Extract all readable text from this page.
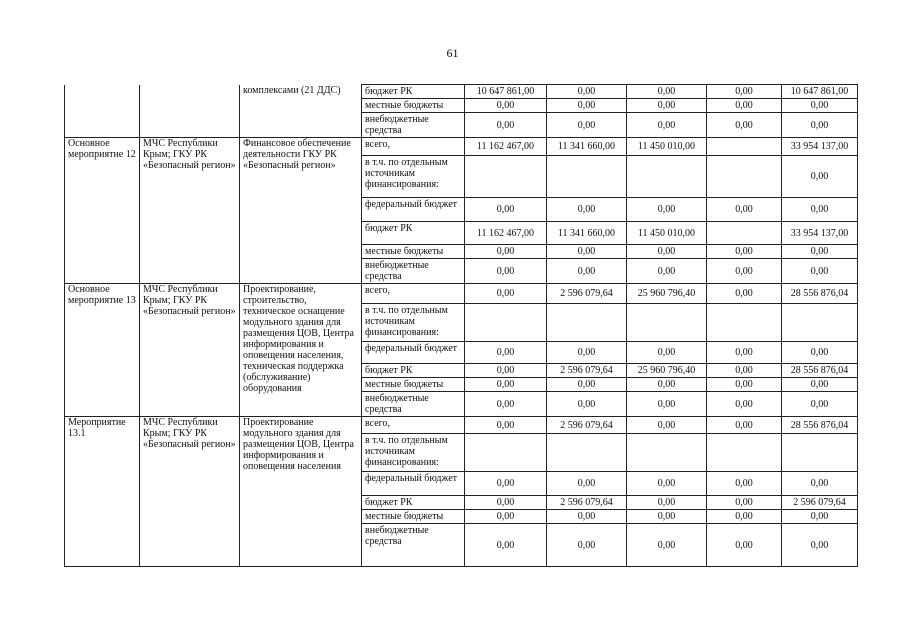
61
		комплексами (21 ДДС)	бюджет РК	10 647 861,00	0,00	0,00	0,00	10 647 861,00
			местные бюджеты	0,00	0,00	0,00	0,00	0,00
			внебюджетные средства	0,00	0,00	0,00	0,00	0,00
Основное мероприятие 12	МЧС Республики Крым; ГКУ РК «Безопасный регион»	Финансовое обеспечение деятельности ГКУ РК «Безопасный регион»	всего,	11 162 467,00	11 341 660,00	11 450 010,00		33 954 137,00
			в т.ч. по отдельным источникам финансирования:					0,00
			федеральный бюджет	0,00	0,00	0,00	0,00	0,00
			бюджет РК	11 162 467,00	11 341 660,00	11 450 010,00		33 954 137,00
			местные бюджеты	0,00	0,00	0,00	0,00	0,00
			внебюджетные средства	0,00	0,00	0,00	0,00	0,00
Основное мероприятие 13	МЧС Республики Крым; ГКУ РК «Безопасный регион»	Проектирование, строительство, техническое оснащение модульного здания для размещения ЦОВ, Центра информирования и оповещения населения, техническая поддержка (обслуживание) оборудования	всего,	0,00	2 596 079,64	25 960 796,40	0,00	28 556 876,04
			в т.ч. по отдельным источникам финансирования:					
			федеральный бюджет	0,00	0,00	0,00	0,00	0,00
			бюджет РК	0,00	2 596 079,64	25 960 796,40	0,00	28 556 876,04
			местные бюджеты	0,00	0,00	0,00	0,00	0,00
			внебюджетные средства	0,00	0,00	0,00	0,00	0,00
Мероприятие 13.1	МЧС Республики Крым; ГКУ РК «Безопасный регион»	Проектирование модульного здания для размещения ЦОВ, Центра информирования и оповещения населения	всего,	0,00	2 596 079,64	0,00	0,00	28 556 876,04
			в т.ч. по отдельным источникам финансирования:					
			федеральный бюджет	0,00	0,00	0,00	0,00	0,00
			бюджет РК	0,00	2 596 079,64	0,00	0,00	2 596 079,64
			местные бюджеты	0,00	0,00	0,00	0,00	0,00
			внебюджетные средства	0,00	0,00	0,00	0,00	0,00
